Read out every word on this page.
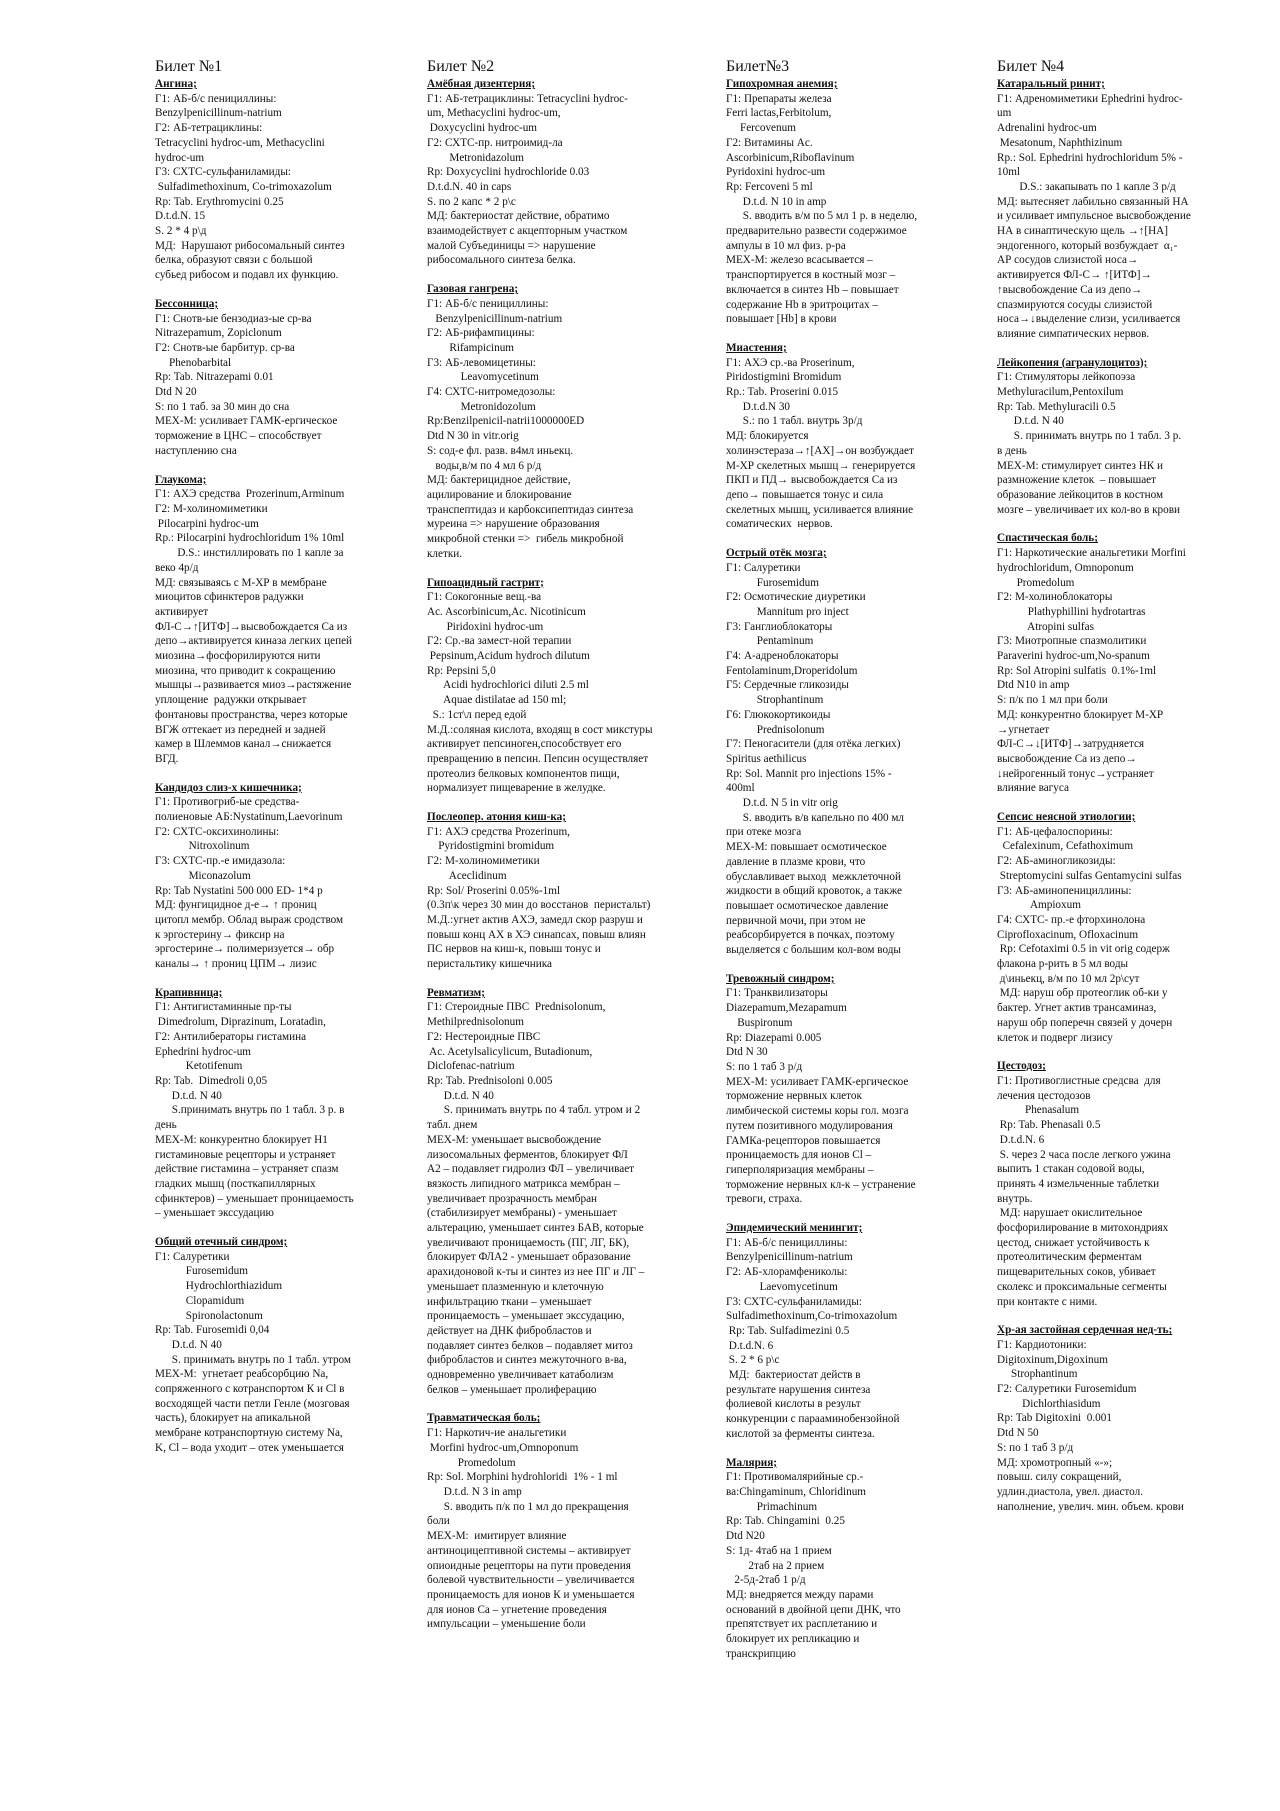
Билет №1
Ангина;
Г1: АБ-б/с пенициллины:
Benzylpenicillinum-natrium
Г2: АБ-тетрациклины:
Tetracyclini hydroc-um, Methacyclini
hydroc-um
Г3: СХТС-сульфаниламиды:
Sulfadimethoxinum, Co-trimoxazolum
Rp: Tab. Erythromycini 0.25
D.t.d.N. 15
S. 2 * 4 р\д
МД:  Нарушают рибосомальный синтез
белка, образуют связи с большой
субьед рибосом и подавл их функцию.
Бессонница;
Г1: Снотв-ые бензодиаз-ые ср-ва
Nitrazepamum, Zopiclonum
Г2: Снотв-ые барбитур. ср-ва
Phenobarbital
Rp: Tab. Nitrazepami 0.01
Dtd N 20
S: по 1 таб. за 30 мин до сна
МЕХ-М: усиливает ГАМК-ергическое
торможение в ЦНС – способствует
наступлению сна
Глаукома;
Г1: АХЭ средства  Prozerinum,Arminum
Г2: М-холиномиметики
Pilocarpini hydroc-um
Rp.: Pilocarpini hydrochloridum 1% 10ml
D.S.: инстиллировать по 1 капле за
веко 4р/д
МД: связываясь с М-ХР в мембране
миоцитов сфинктеров радужки
активирует
ФЛ-С→↑[ИТФ]→высвобождается Са из
депо→активируется киназа легких цепей
миозина→фосфорилируются нити
миозина, что приводит к сокращению
мышцы→развивается миоз→растяжение
уплощение  радужки открывает
фонтановы пространства, через которые
ВГЖ оттекает из передней и задней
камер в Шлеммов канал→снижается
ВГД.
Кандидоз слиз-х кишечника;
Г1: Противогриб-ые средства-
полиеновые АБ:Nystatinum,Laevorinum
Г2: СХТС-оксихинолины:
Nitroxolinum
Г3: СХТС-пр.-е имидазола:
Miconazolum
Rp: Tab Nystatini 500 000 ED- 1*4 р
МД: фунгицидное д-е→ ↑ прониц
цитопл мембр. Облад выраж сродством
к эргостерину→ фиксир на
эргостерине→ полимеризуется→ обр
каналы→ ↑ прониц ЦПМ→ лизис
Крапивница;
Г1: Антигистаминные пр-ты
Dimedrolum, Diprazinum, Loratadin,
Г2: Антилибераторы гистамина
Ephedrini hydroc-um
Ketotifenum
Rp: Tab.  Dimedroli 0,05
D.t.d. N 40
S.принимать внутрь по 1 табл. 3 р. в
день
МЕХ-М: конкурентно блокирует Н1
гистаминовые рецепторы и устраняет
действие гистамина – устраняет спазм
гладких мышц (посткапиллярных
сфинктеров) – уменьшает проницаемость
– уменьшает экссудацию
Общий отечный синдром;
Г1: Салуретики
Furosemidum
Hydrochlorthiazidum
Clopamidum
Spironolactonum
Rp: Tab. Furosemidi 0,04
D.t.d. N 40
S. принимать внутрь по 1 табл. утром
МЕХ-М:  угнетает реабсорбцию Na,
сопряженного с котранспортом К и Cl в
восходящей части петли Генле (мозговая
часть), блокирует на апикальной
мембране котранспортную систему Na,
K, Cl – вода уходит – отек уменьшается
Билет №2
Амёбная дизентерия;
Г1: АБ-тетрациклины: Tetracyclini hydroc-
um, Methacyclini hydroc-um,
Doxycyclini hydroc-um
Г2: СХТС-пр. нитроимид-ла
Metronidazolum
Rp: Doxycyclini hydrochloride 0.03
D.t.d.N. 40 in caps
S. по 2 капс * 2 р\с
МД: бактериостат действие, обратимо
взаимодействует с акцепторным участком
малой Субъединицы => нарушение
рибосомального синтеза белка.
Газовая гангрена;
Г1: АБ-б/с пенициллины:
Benzylpenicillinum-natrium
Г2: АБ-рифампицины:
Rifampicinum
Г3: АБ-левомицетины:
Leavomycetinum
Г4: СХТС-нитромедозолы:
Metronidozolum
Rp:Benzilpenicil-natrii1000000ED
Dtd N 30 in vitr.orig
S: сод-е фл. разв. в4мл иньекц.
воды,в/м по 4 мл 6 р/д
МД: бактерицидное действие,
ацилирование и блокирование
транспептидаз и карбоксипептидаз синтеза
муреина => нарушение образования
микробной стенки =>  гибель микробной
клетки.
Гипоацидный гастрит;
Г1: Сокогонные вещ.-ва
Ac. Ascorbinicum,Ac. Nicotinicum
Piridoxini hydroc-um
Г2: Ср.-ва замест-ной терапии
Pepsinum,Acidum hydroch dilutum
Rp: Pepsini 5,0
Acidi hydrochlorici diluti 2.5 ml
Aquae distilatae ad 150 ml;
S.: 1ст\л перед едой
М.Д.:соляная кислота, входящ в сост микстуры
активирует пепсиноген,способствует его
превращению в пепсин. Пепсин осуществляет
протеолиз белковых компонентов пищи,
нормализует пищеварение в желудке.
Послеопер. атония киш-ка;
Г1: АХЭ средства Prozerinum,
Pyridostigmini bromidum
Г2: М-холиномиметики
Aceclidinum
Rp: Sol/ Proserini 0.05%-1ml
(0.3п\к через 30 мин до восстанов  перистальт)
М.Д.:угнет актив АХЭ, замедл скор разруш и
повыш конц АХ в ХЭ синапсах, повыш влиян
ПС нервов на киш-к, повыш тонус и
перистальтику кишечника
Ревматизм;
Г1: Стероидные ПВС  Prednisolonum,
Methilprednisolonum
Г2: Нестероидные ПВС
Ac. Acetylsalicylicum, Butadionum,
Diclofenac-natrium
Rp: Tab. Prednisoloni 0.005
D.t.d. N 40
S. принимать внутрь по 4 табл. утром и 2
табл. днем
МЕХ-М: уменьшает высвобождение
лизосомальных ферментов, блокирует ФЛ
А2 – подавляет гидролиз ФЛ – увеличивает
вязкость липидного матрикса мембран –
увеличивает прозрачность мембран
(стабилизирует мембраны) - уменьшает
альтерацию, уменьшает синтез БАВ, которые
увеличивают проницаемость (ПГ, ЛГ, БК),
блокирует ФЛА2 - уменьшает образование
арахидоновой к-ты и синтез из нее ПГ и ЛГ –
уменьшает плазменную и клеточную
инфильтрацию ткани – уменьшает
проницаемость – уменьшает экссудацию,
действует на ДНК фибробластов и
подавляет синтез белков – подавляет митоз
фибробластов и синтез межуточного в-ва,
одновременно увеличивает катаболизм
белков – уменьшает пролиферацию
Травматическая боль;
Г1: Наркотич-ие анальгетики
Morfini hydroc-um,Omnoponum
Promedolum
Rp: Sol. Morphini hydrohloridi  1% - 1 ml
D.t.d. N 3 in amp
S. вводить п/к по 1 мл до прекращения
боли
МЕХ-М:  имитирует влияние
антиноцицептивной системы – активирует
опиоидные рецепторы на пути проведения
болевой чувствительности – увеличивается
проницаемость для ионов К и уменьшается
для ионов Са – угнетение проведения
импульсации – уменьшение боли
Билет№3
Гипохромная анемия;
Г1: Препараты железа
Ferri lactas,Ferbitolum,
Fercovenum
Г2: Витамины Ac.
Ascorbinicum,Riboflavinum
Pyridoxini hydroc-um
Rp: Ferсoveni 5 ml
D.t.d. N 10 in amp
S. вводить в/м по 5 мл 1 р. в неделю,
предварительно развести содержимое
ампулы в 10 мл физ. р-ра
МЕХ-М: железо всасывается –
транспортируется в костный мозг –
включается в синтез Hb – повышает
содержание Hb в эритроцитах –
повышает [Hb] в крови
Миастения;
Г1: АХЭ ср.-ва Proserinum,
Piridostigmini Bromidum
Rp.: Tab. Proserini 0.015
D.t.d.N 30
S.: по 1 табл. внутрь 3р/д
МД: блокируется
холинэстераза→↑[АХ]→он возбуждает
М-ХР скелетных мышц→ генерируется
ПКП и ПД→ высвобождается Са из
депо→ повышается тонус и сила
скелетных мышц, усиливается влияние
соматических  нервов.
Острый отёк мозга;
Г1: Салуретики
Furosemidum
Г2: Осмотические диуретики
Mannitum pro inject
Г3: Ганглиоблокаторы
Pentaminum
Г4: А-адреноблокаторы
Fentolaminum,Droperidolum
Г5: Сердечные гликозиды
Strophantinum
Г6: Глюкокортикоиды
Prednisolonum
Г7: Пеногасители (для отёка легких)
Spiritus aethilicus
Rp: Sol. Mannit pro injections 15% -
400ml
D.t.d. N 5 in vitr orig
S. вводить в/в капельно по 400 мл
при отеке мозга
МЕХ-М: повышает осмотическое
давление в плазме крови, что
обуславливает выход  межклеточной
жидкости в общий кровоток, а также
повышает осмотическое давление
первичной мочи, при этом не
реабсорбируется в почках, поэтому
выделяется с большим кол-вом воды
Тревожный синдром;
Г1: Транквилизаторы
Diazepamum,Mezapamum
Buspironum
Rp: Diazepami 0.005
Dtd N 30
S: по 1 таб 3 р/д
МЕХ-М: усиливает ГАМК-ергическое
торможение нервных клеток
лимбической системы коры гол. мозга
путем позитивного модулирования
ГАМКа-рецепторов повышается
проницаемость для ионов Cl –
гиперполяризация мембраны –
торможение нервных кл-к – устранение
тревоги, страха.
Эпидемический менингит;
Г1: АБ-б/с пенициллины:
Benzylpenicillinum-natrium
Г2: АБ-хлорамфениколы:
Laevomycetinum
Г3: СХТС-сульфаниламиды:
Sulfadimethoxinum,Co-trimoxazolum
Rp: Tab. Sulfadimezini 0.5
D.t.d.N. 6
S. 2 * 6 р\с
МД:  бактериостат действ в
результате нарушения синтеза
фолиевой кислоты в результ
конкуренции с парааминобензойной
кислотой за ферменты синтеза.
Малярия;
Г1: Противомалярийные ср.-
ва:Chingaminum, Chloridinum
Primachinum
Rp: Tab. Chingamini  0.25
Dtd N20
S: 1д- 4таб на 1 прием
2таб на 2 прием
2-5д-2таб 1 р/д
МД: внедряется между парами
оснований в двойной цепи ДНК, что
препятствует их расплетанию и
блокирует их репликацию и
транскрипцию
Билет №4
Катаральный ринит;
Г1: Адреномиметики Ephedrini hydroc-
um
Adrenalini hydroc-um
Mesatonum, Naphthizinum
Rp.: Sol. Ephedrini hydrochloridum 5% -
10ml
D.S.: закапывать по 1 капле 3 р/д
МД: вытесняет лабильно связанный НА
и усиливает импульсное высвобождение
НА в синаптическую щель →↑[НА]
эндогенного, который возбуждает  α₁-
АР сосудов слизистой носа→
активируется ФЛ-С→ ↑[ИТФ]→
↑высвобождение Са из депо→
спазмируются сосуды слизистой
носа→↓выделение слизи, усиливается
влияние симпатических нервов.
Лейкопения (агранулоцитоз);
Г1: Стимуляторы лейкопоэза
Methyluracilum,Pentoxilum
Rp: Tab. Methyluracili 0.5
D.t.d. N 40
S. принимать внутрь по 1 табл. 3 р.
в день
МЕХ-М: стимулирует синтез НК и
размножение клеток  – повышает
образование лейкоцитов в костном
мозге – увеличивает их кол-во в крови
Спастическая боль;
Г1: Наркотические анальгетики Morfini
hydrochloridum, Omnoponum
Promedolum
Г2: М-холиноблокаторы
Plathyphillini hydrotartras
Atropini sulfas
Г3: Миотропные спазмолитики
Paraverini hydroc-um,No-spanum
Rp: Sol Atropini sulfatis  0.1%-1ml
Dtd N10 in amp
S: п/к по 1 мл при боли
МД: конкурентно блокирует М-ХР
→угнетает
ФЛ-С→↓[ИТФ]→затрудняется
высвобождение Са из депо→
↓нейрогенный тонус→устраняет
влияние вагуса
Сепсис неясной этиологии;
Г1: АБ-цефалоспорины:
Cefalexinum, Cefathoximum
Г2: АБ-аминогликозиды:
Streptomycini sulfas Gentamycini sulfas
Г3: АБ-аминопенициллины:
Ampioxum
Г4: СХТС- пр.-е фторхинолона
Ciprofloxacinum, Ofloxacinum
Rp: Cefotaximi 0.5 in vit orig содерж
флакона р-рить в 5 мл воды
д\иньекц, в/м по 10 мл 2р\сут
МД: наруш обр протеоглик об-ки у
бактер. Угнет актив трансаминаз,
наруш обр поперечн связей у дочерн
клеток и подверг лизису
Цестодоз;
Г1: Противоглистные средсва  для
лечения цестодозов
Phenasalum
Rp: Tab. Phenasali 0.5
D.t.d.N. 6
S. через 2 часа после легкого ужина
выпить 1 стакан содовой воды,
принять 4 измельченные таблетки
внутрь.
МД: нарушает окислительное
фосфорилирование в митохондриях
цестод, снижает устойчивость к
протеолитическим ферментам
пищеварительных соков, убивает
сколекс и проксимальные сегменты
при контакте с ними.
Хр-ая застойная сердечная нед-ть;
Г1: Кардиотоники:
Digitoxinum,Digoxinum
Strophantinum
Г2: Салуретики Furosemidum
Dichlorthiasidum
Rp: Tab Digitoxini  0.001
Dtd N 50
S: по 1 таб 3 р/д
МД: хромотропный «-»;
повыш. силу сокращений,
удлин.диастола, увел. диастол.
наполнение, увелич. мин. объем. крови
